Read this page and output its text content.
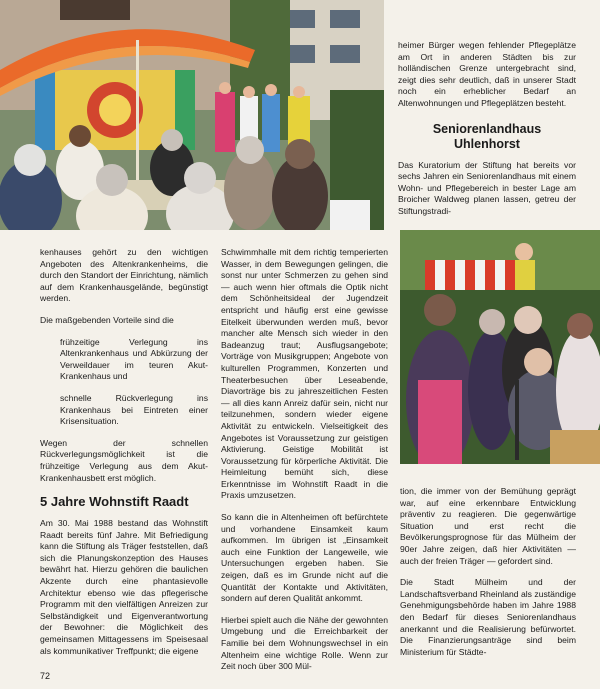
heimer Bürger wegen fehlender Pflegeplätze am Ort in anderen Städten bis zur holländischen Grenze untergebracht sind, zeigt dies sehr deutlich, daß in unserer Stadt noch ein erheblicher Bedarf an Altenwohnungen und Pflegeplätzen besteht.

Seniorenlandhaus
Uhlenhorst

Das Kuratorium der Stiftung hat bereits vor sechs Jahren ein Seniorenlandhaus mit einem Wohn- und Pflegebereich in bester Lage am Broicher Waldweg planen lassen, getreu der Stiftungstradi-

kenhauses gehört zu den wichtigen Angeboten des Altenkrankenheims, die durch den Standort der Einrichtung, nämlich auf dem Krankenhausgelände, begünstigt werden.

Die maßgebenden Vorteile sind die

frühzeitige Verlegung ins Altenkrankenhaus und Abkürzung der Verweildauer im teuren Akut-Krankenhaus und

schnelle Rückverlegung ins Krankenhaus bei Eintreten einer Krisensituation.

Wegen der schnellen Rückverlegungsmöglichkeit ist die frühzeitige Verlegung aus dem Akut-Krankenhausbett erst möglich.

5 Jahre Wohnstift Raadt

Am 30. Mai 1988 bestand das Wohnstift Raadt bereits fünf Jahre. Mit Befriedigung kann die Stiftung als Träger feststellen, daß sich die Planungskonzeption des Hauses bewährt hat. Hierzu gehören die baulichen Akzente durch eine phantasievolle Architektur ebenso wie das pflegerische Programm mit den vielfältigen Anreizen zur Selbständigkeit und Eigenverantwortung der Bewohner: die Möglichkeit des gemeinsamen Mittagessens im Speisesaal als kommunikativer Treffpunkt; die eigene

Schwimmhalle mit dem richtig temperierten Wasser, in dem Bewegungen gelingen, die sonst nur unter Schmerzen zu gehen sind — auch wenn hier oftmals die Optik nicht dem Schönheitsideal der Jugendzeit entspricht und häufig erst eine gewisse Eitelkeit überwunden werden muß, bevor mancher alte Mensch sich wieder in den Badeanzug traut; Ausflugsangebote; Vorträge von Musikgruppen; Angebote von kulturellen Programmen, Konzerten und Theaterbesuchen über Leseabende, Diavorträge bis zu jahreszeitlichen Festen — all dies kann Anreiz dafür sein, nicht nur teilzunehmen, sondern wieder eigene Aktivität zu entwickeln. Vielseitigkeit des Angebotes ist Voraussetzung zur geistigen Aktivierung. Geistige Mobilität ist Voraussetzung für körperliche Aktivität. Die Heimleitung bemüht sich, diese Erkenntnisse im Wohnstift Raadt in die Praxis umzusetzen.

So kann die in Altenheimen oft befürchtete und vorhandene Einsamkeit kaum aufkommen. Im übrigen ist „Einsamkeit auch eine Funktion der Langeweile, wie Untersuchungen ergeben haben. Sie zeigen, daß es im Grunde nicht auf die Quantität der Kontakte und Aktivitäten, sondern auf deren Qualität ankommt.

Hierbei spielt auch die Nähe der gewohnten Umgebung und die Erreichbarkeit der Familie bei dem Wohnungswechsel in ein Altenheim eine wichtige Rolle. Wenn zur Zeit noch über 300 Mül-

tion, die immer von der Bemühung geprägt war, auf eine erkennbare Entwicklung präventiv zu reagieren. Die gegenwärtige Situation und erst recht die Bevölkerungsprognose für das Mülheim der 90er Jahre zeigen, daß hier Aktivitäten — auch der freien Träger — gefordert sind.

Die Stadt Mülheim und der Landschaftsverband Rheinland als zuständige Genehmigungsbehörde haben im Jahre 1988 den Bedarf für dieses Seniorenlandhaus anerkannt und die Realisierung befürwortet. Die Finanzierungsanträge sind beim Ministerium für Städte-

72
